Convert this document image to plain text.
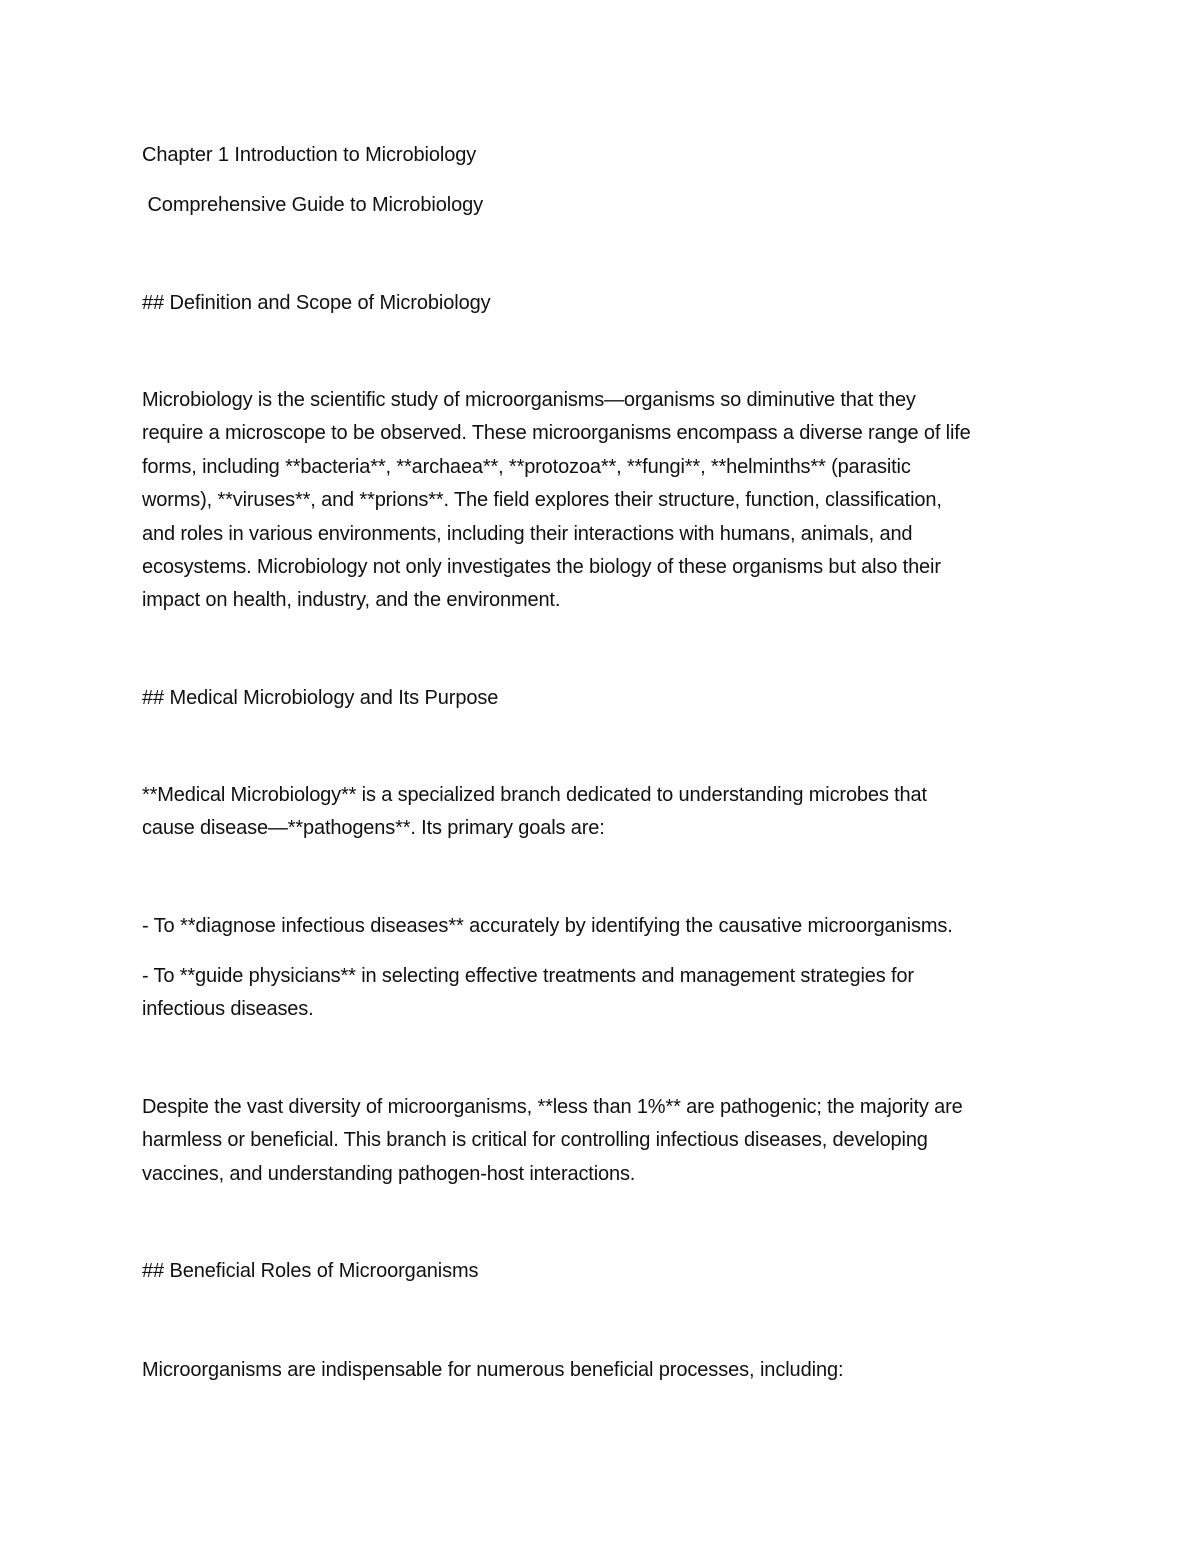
Chapter 1 Introduction to Microbiology
Comprehensive Guide to Microbiology
## Definition and Scope of Microbiology
Microbiology is the scientific study of microorganisms—organisms so diminutive that they
require a microscope to be observed. These microorganisms encompass a diverse range of life
forms, including **bacteria**, **archaea**, **protozoa**, **fungi**, **helminths** (parasitic
worms), **viruses**, and **prions**. The field explores their structure, function, classification,
and roles in various environments, including their interactions with humans, animals, and
ecosystems. Microbiology not only investigates the biology of these organisms but also their
impact on health, industry, and the environment.
## Medical Microbiology and Its Purpose
**Medical Microbiology** is a specialized branch dedicated to understanding microbes that
cause disease—**pathogens**. Its primary goals are:
- To **diagnose infectious diseases** accurately by identifying the causative microorganisms.
- To **guide physicians** in selecting effective treatments and management strategies for
infectious diseases.
Despite the vast diversity of microorganisms, **less than 1%** are pathogenic; the majority are
harmless or beneficial. This branch is critical for controlling infectious diseases, developing
vaccines, and understanding pathogen-host interactions.
## Beneficial Roles of Microorganisms
Microorganisms are indispensable for numerous beneficial processes, including:
